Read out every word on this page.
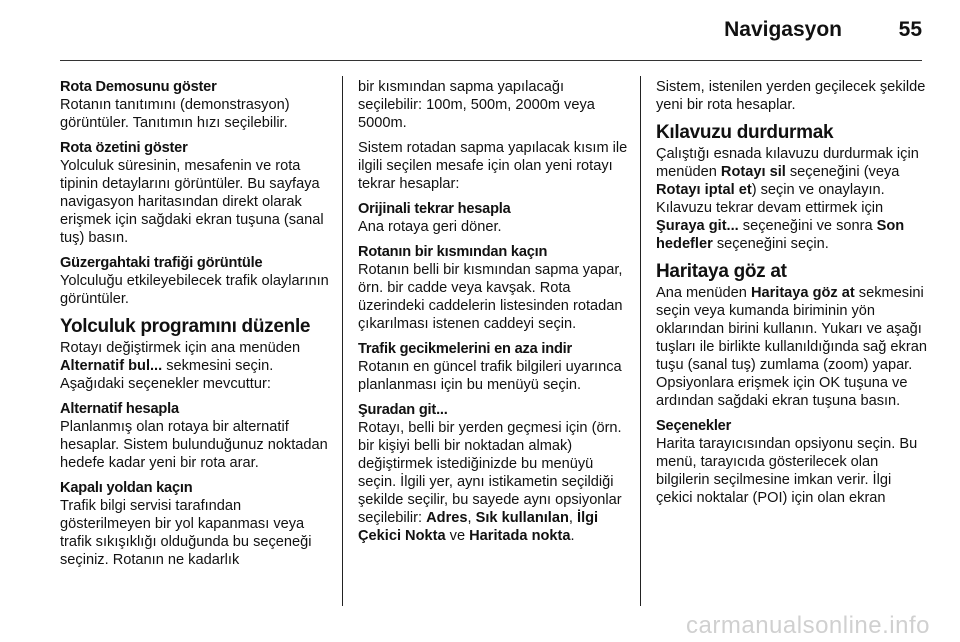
Navigasyon	55
Rota Demosunu göster
Rotanın tanıtımını (demonstrasyon) görüntüler. Tanıtımın hızı seçilebilir.
Rota özetini göster
Yolculuk süresinin, mesafenin ve rota tipinin detaylarını görüntüler. Bu sayfaya navigasyon haritasından direkt olarak erişmek için sağdaki ekran tuşuna (sanal tuş) basın.
Güzergahtaki trafiği görüntüle
Yolculuğu etkileyebilecek trafik olaylarının görüntüler.
Yolculuk programını düzenle
Rotayı değiştirmek için ana menüden Alternatif bul... sekmesini seçin.
Aşağıdaki seçenekler mevcuttur:
Alternatif hesapla
Planlanmış olan rotaya bir alternatif hesaplar. Sistem bulunduğunuz noktadan hedefe kadar yeni bir rota arar.
Kapalı yoldan kaçın
Trafik bilgi servisi tarafından gösterilmeyen bir yol kapanması veya trafik sıkışıklığı olduğunda bu seçeneği seçiniz. Rotanın ne kadarlık
bir kısmından sapma yapılacağı seçilebilir: 100m, 500m, 2000m veya 5000m.
Sistem rotadan sapma yapılacak kısım ile ilgili seçilen mesafe için olan yeni rotayı tekrar hesaplar:
Orijinali tekrar hesapla
Ana rotaya geri döner.
Rotanın bir kısmından kaçın
Rotanın belli bir kısmından sapma yapar, örn. bir cadde veya kavşak. Rota üzerindeki caddelerin listesinden rotadan çıkarılması istenen caddeyi seçin.
Trafik gecikmelerini en aza indir
Rotanın en güncel trafik bilgileri uyarınca planlanması için bu menüyü seçin.
Şuradan git...
Rotayı, belli bir yerden geçmesi için (örn. bir kişiyi belli bir noktadan almak) değiştirmek istediğinizde bu menüyü seçin. İlgili yer, aynı istikametin seçildiği şekilde seçilir, bu sayede aynı opsiyonlar seçilebilir: Adres, Sık kullanılan, İlgi Çekici Nokta ve Haritada nokta.
Sistem, istenilen yerden geçilecek şekilde yeni bir rota hesaplar.
Kılavuzu durdurmak
Çalıştığı esnada kılavuzu durdurmak için menüden Rotayı sil seçeneğini (veya Rotayı iptal et) seçin ve onaylayın. Kılavuzu tekrar devam ettirmek için Şuraya git... seçeneğini ve sonra Son hedefler seçeneğini seçin.
Haritaya göz at
Ana menüden Haritaya göz at sekmesini seçin veya kumanda biriminin yön oklarından birini kullanın. Yukarı ve aşağı tuşları ile birlikte kullanıldığında sağ ekran tuşu (sanal tuş) zumlama (zoom) yapar. Opsiyonlara erişmek için OK tuşuna ve ardından sağdaki ekran tuşuna basın.
Seçenekler
Harita tarayıcısından opsiyonu seçin. Bu menü, tarayıcıda gösterilecek olan bilgilerin seçilmesine imkan verir. İlgi çekici noktalar (POI) için olan ekran
carmanualsonline.info
